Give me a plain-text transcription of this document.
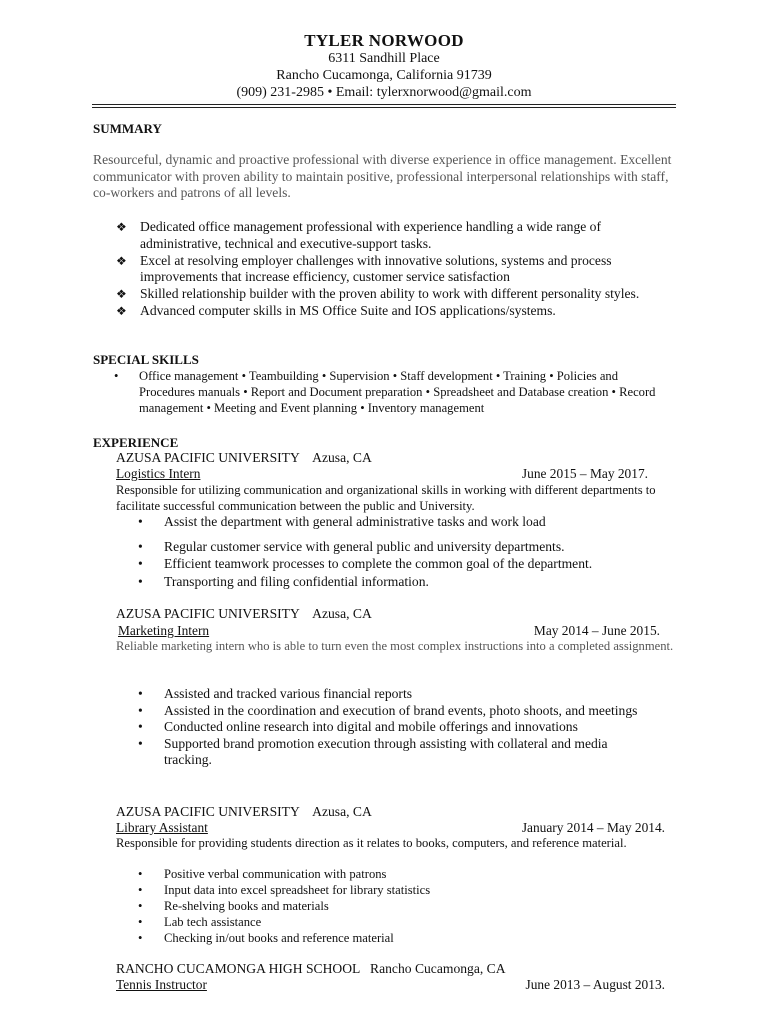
TYLER NORWOOD
6311 Sandhill Place
Rancho Cucamonga, California 91739
(909) 231-2985 • Email: tylerxnorwood@gmail.com
SUMMARY
Resourceful, dynamic and proactive professional with diverse experience in office management. Excellent communicator with proven ability to maintain positive, professional interpersonal relationships with staff, co-workers and patrons of all levels.
❖ Dedicated office management professional with experience handling a wide range of administrative, technical and executive-support tasks.
❖ Excel at resolving employer challenges with innovative solutions, systems and process improvements that increase efficiency, customer service satisfaction
❖ Skilled relationship builder with the proven ability to work with different personality styles.
❖ Advanced computer skills in MS Office Suite and IOS applications/systems.
SPECIAL SKILLS
• Office management • Teambuilding • Supervision • Staff development • Training • Policies and Procedures manuals • Report and Document preparation • Spreadsheet and Database creation • Record management • Meeting and Event planning • Inventory management
EXPERIENCE
AZUSA PACIFIC UNIVERSITY    Azusa, CA
Logistics Intern	June 2015 – May 2017.
Responsible for utilizing communication and organizational skills in working with different departments to facilitate successful communication between the public and University.
• Assist the department with general administrative tasks and work load
• Regular customer service with general public and university departments.
• Efficient teamwork processes to complete the common goal of the department.
• Transporting and filing confidential information.
AZUSA PACIFIC UNIVERSITY    Azusa, CA
Marketing Intern	May 2014 – June 2015.
Reliable marketing intern who is able to turn even the most complex instructions into a completed assignment.
• Assisted and tracked various financial reports
• Assisted in the coordination and execution of brand events, photo shoots, and meetings
• Conducted online research into digital and mobile offerings and innovations
• Supported brand promotion execution through assisting with collateral and media tracking.
AZUSA PACIFIC UNIVERSITY    Azusa, CA
Library Assistant	January 2014 – May 2014.
Responsible for providing students direction as it relates to books, computers, and reference material.
• Positive verbal communication with patrons
• Input data into excel spreadsheet for library statistics
• Re-shelving books and materials
• Lab tech assistance
• Checking in/out books and reference material
RANCHO CUCAMONGA HIGH SCHOOL   Rancho Cucamonga, CA
Tennis Instructor	June 2013 – August 2013.
